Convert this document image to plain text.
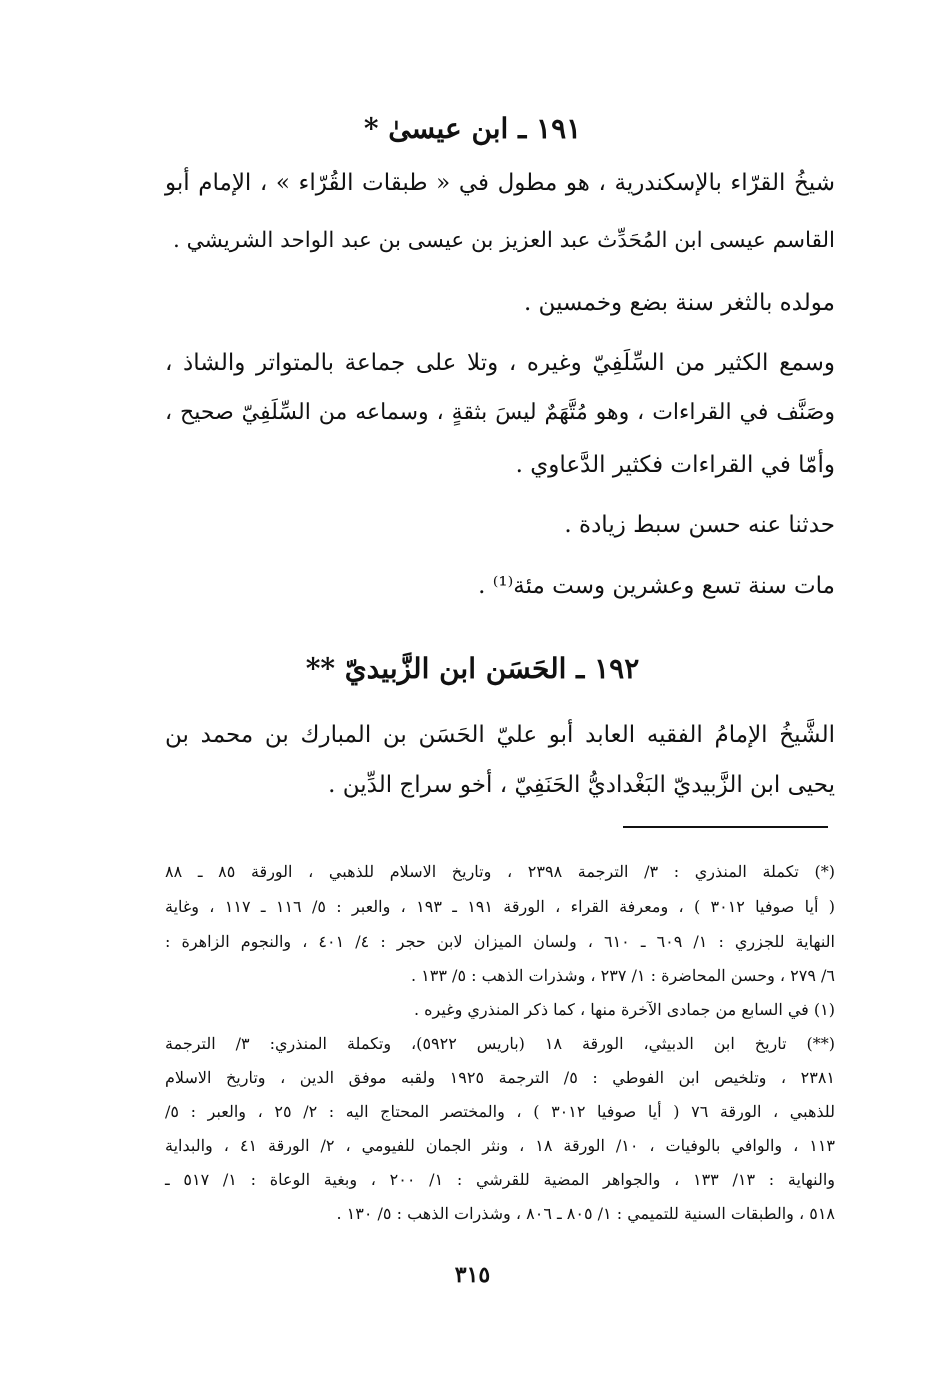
١٩١ ـ ابن عيسىٰ *
شيخُ القرّاء بالإسكندرية ، هو مطول في « طبقات القُرّاء » ، الإمام أبو
القاسم عيسى ابن المُحَدِّث عبد العزيز بن عيسى بن عبد الواحد الشريشي .
مولده بالثغر سنة بضع وخمسين .
وسمع الكثير من السِّلَفِيّ وغيره ، وتلا على جماعة بالمتواتر والشاذ ،
وصَنَّف في القراءات ، وهو مُتَّهَمٌ ليسَ بثقةٍ ، وسماعه من السِّلَفِيّ صحيح ،
وأمّا في القراءات فكثير الدَّعاوي .
حدثنا عنه حسن سبط زيادة .
مات سنة تسع وعشرين وست مئة⁽¹⁾ .
١٩٢ ـ الحَسَن ابن الزَّبيديّ **
الشَّيخُ الإمامُ الفقيه العابد أبو عليّ الحَسَن بن المبارك بن محمد بن
يحيى ابن الزَّبيديّ البَغْداديُّ الحَنَفِيّ ، أخو سراج الدِّين .
(*) تكملة المنذري : ٣/ الترجمة ٢٣٩٨ ، وتاريخ الاسلام للذهبي ، الورقة ٨٥ ـ ٨٨
( أيا صوفيا ٣٠١٢ ) ، ومعرفة القراء ، الورقة ١٩١ ـ ١٩٣ ، والعبر : ٥/ ١١٦ ـ ١١٧ ، وغاية
النهاية للجزري : ١/ ٦٠٩ ـ ٦١٠ ، ولسان الميزان لابن حجر : ٤/ ٤٠١ ، والنجوم الزاهرة :
٦/ ٢٧٩ ، وحسن المحاضرة : ١/ ٢٣٧ ، وشذرات الذهب : ٥/ ١٣٣ .
(١) في السابع من جمادى الآخرة منها ، كما ذكر المنذري وغيره .
(**) تاريخ ابن الدبيثي، الورقة ١٨ (باريس ٥٩٢٢)، وتكملة المنذري: ٣/ الترجمة
٢٣٨١ ، وتلخيص ابن الفوطي : ٥/ الترجمة ١٩٢٥ ولقبه موفق الدين ، وتاريخ الاسلام
للذهبي ، الورقة ٧٦ ( أيا صوفيا ٣٠١٢ ) ، والمختصر المحتاج اليه : ٢/ ٢٥ ، والعبر : ٥/
١١٣ ، والوافي بالوفيات ، ١٠/ الورقة ١٨ ، ونثر الجمان للفيومي ، ٢/ الورقة ٤١ ، والبداية
والنهاية : ١٣/ ١٣٣ ، والجواهر المضية للقرشي : ١/ ٢٠٠ ، وبغية الوعاة : ١/ ٥١٧ ـ
٥١٨ ، والطبقات السنية للتميمي : ١/ ٨٠٥ ـ ٨٠٦ ، وشذرات الذهب : ٥/ ١٣٠ .
٣١٥
